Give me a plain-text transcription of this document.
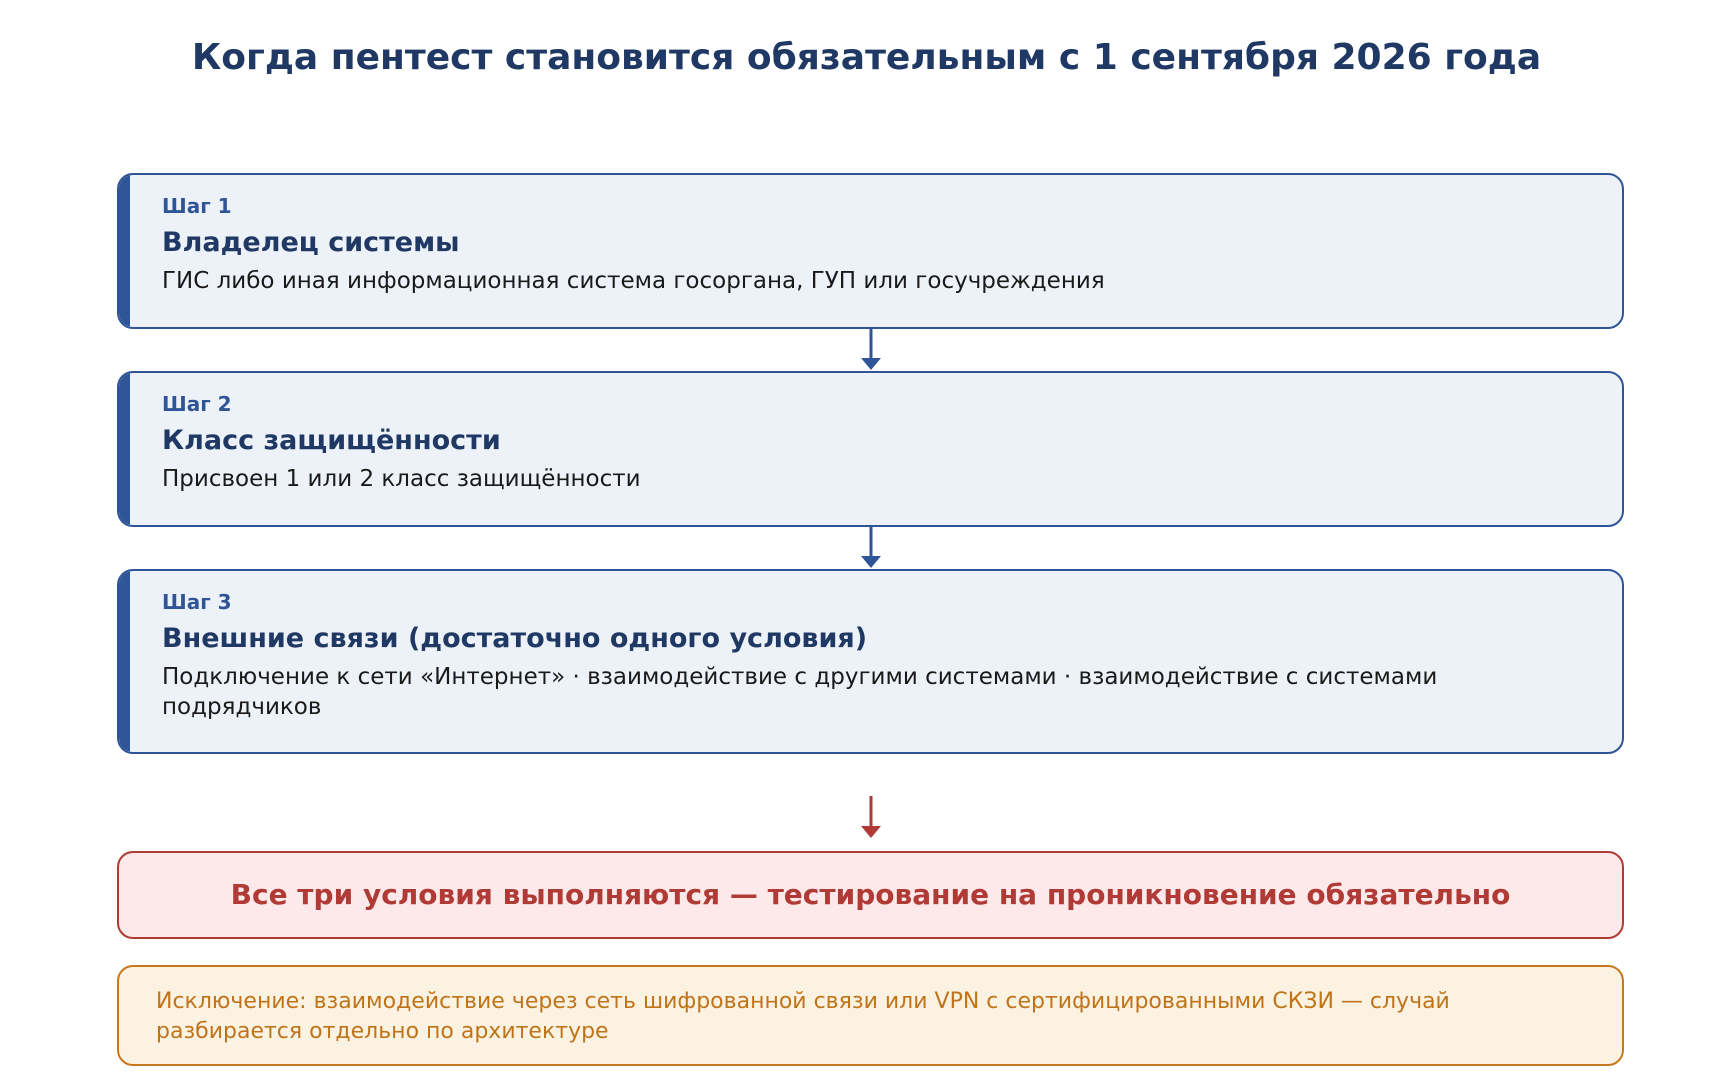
Когда пентест становится обязательным с 1 сентября 2026 года
Шаг 1
Владелец системы
ГИС либо иная информационная система госоргана, ГУП или госучреждения
Шаг 2
Класс защищённости
Присвоен 1 или 2 класс защищённости
Шаг 3
Внешние связи (достаточно одного условия)
Подключение к сети «Интернет» · взаимодействие с другими системами · взаимодействие с системами подрядчиков
Все три условия выполняются — тестирование на проникновение обязательно
Исключение: взаимодействие через сеть шифрованной связи или VPN с сертифицированными СКЗИ — случай разбирается отдельно по архитектуре
